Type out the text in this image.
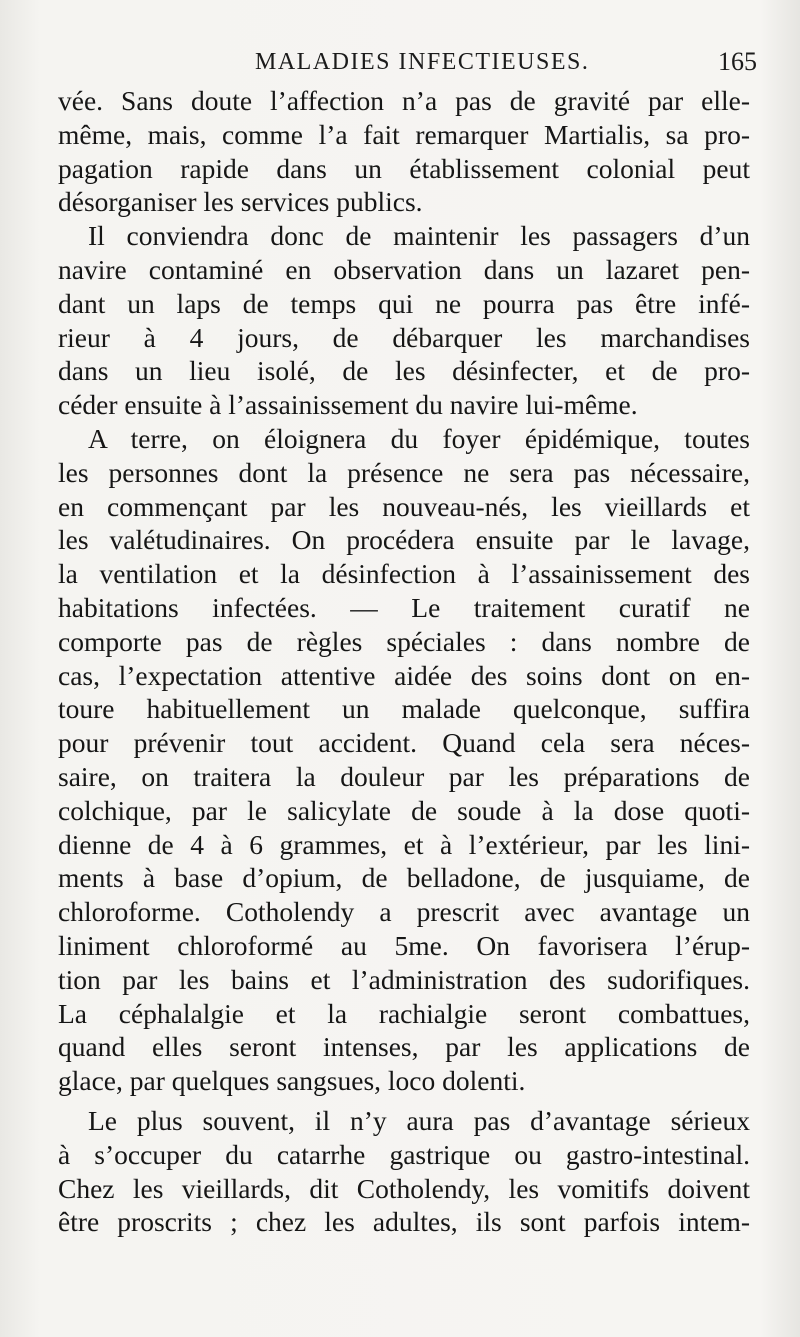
MALADIES INFECTIEUSES.	165
vée. Sans doute l’affection n’a pas de gravité par elle-
même, mais, comme l’a fait remarquer Martialis, sa pro-
pagation rapide dans un établissement colonial peut
désorganiser les services publics.
Il conviendra donc de maintenir les passagers d’un
navire contaminé en observation dans un lazaret pen-
dant un laps de temps qui ne pourra pas être infé-
rieur à 4 jours, de débarquer les marchandises
dans un lieu isolé, de les désinfecter, et de pro-
céder ensuite à l’assainissement du navire lui-même.
A terre, on éloignera du foyer épidémique, toutes
les personnes dont la présence ne sera pas nécessaire,
en commençant par les nouveau-nés, les vieillards et
les valétudinaires. On procédera ensuite par le lavage,
la ventilation et la désinfection à l’assainissement des
habitations infectées. — Le traitement curatif ne
comporte pas de règles spéciales : dans nombre de
cas, l’expectation attentive aidée des soins dont on en-
toure habituellement un malade quelconque, suffira
pour prévenir tout accident. Quand cela sera néces-
saire, on traitera la douleur par les préparations de
colchique, par le salicylate de soude à la dose quoti-
dienne de 4 à 6 grammes, et à l’extérieur, par les lini-
ments à base d’opium, de belladone, de jusquiame, de
chloroforme. Cotholendy a prescrit avec avantage un
liniment chloroformé au 5me. On favorisera l’érup-
tion par les bains et l’administration des sudorifiques.
La céphalalgie et la rachialgie seront combattues,
quand elles seront intenses, par les applications de
glace, par quelques sangsues, loco dolenti.
Le plus souvent, il n’y aura pas d’avantage sérieux
à s’occuper du catarrhe gastrique ou gastro-intestinal.
Chez les vieillards, dit Cotholendy, les vomitifs doivent
être proscrits ; chez les adultes, ils sont parfois intem-
